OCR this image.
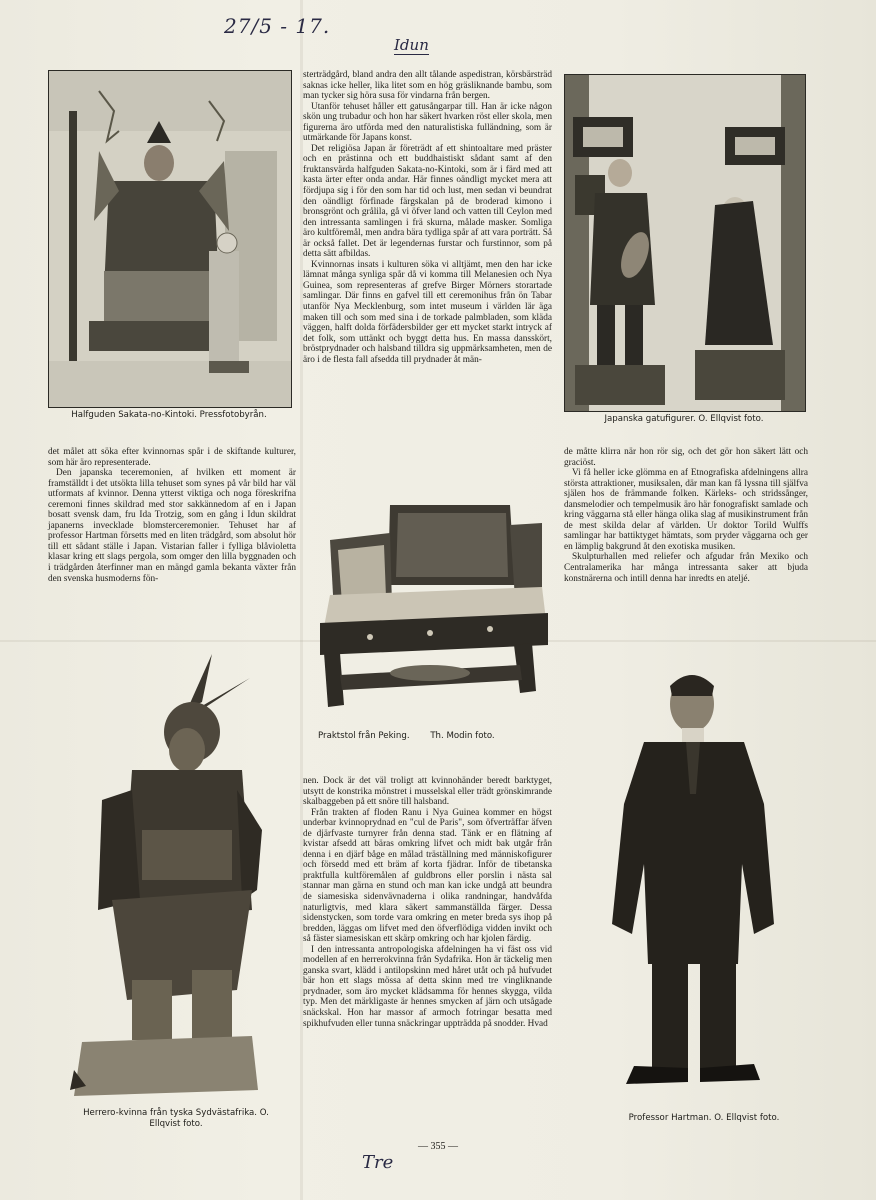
27/5 - 17.
Idun
Tre
Halfguden Sakata-no-Kintoki. Pressfotobyrån.	Japanska gatufigurer. O. Ellqvist foto.

sterträdgård, bland andra den allt tålande aspedistran, körsbärsträd saknas icke heller, lika litet som en hög gräsliknande bambu, som man tycker sig höra susa för vindarna från bergen.

Utanför tehuset håller ett gatusångarpar till. Han är icke någon skön ung trubadur och hon har säkert hvarken röst eller skola, men figurerna äro utförda med den naturalistiska fulländning, som är utmärkande för Japans konst.

Det religiösa Japan är företrädt af ett shintoaltare med präster och en prästinna och ett buddhaistiskt sådant samt af den fruktansvärda halfguden Sakata-no-Kintoki, som är i färd med att kasta ärter efter onda andar. Här finnes oändligt mycket mera att fördjupa sig i för den som har tid och lust, men sedan vi beundrat den oändligt förfinade färgskalan på de broderad kimono i bronsgrönt och grålila, gå vi öfver land och vatten till Ceylon med den intressanta samlingen i frä skurna, målade masker. Somliga äro kultföremål, men andra bära tydliga spår af att vara porträtt. Så är också fallet. Det är legendernas furstar och furstinnor, som på detta sätt afbildas.

Kvinnornas insats i kulturen söka vi alltjämt, men den har icke lämnat många synliga spår då vi komma till Melanesien och Nya Guinea, som representeras af grefve Birger Mörners storartade samlingar. Där finns en gafvel till ett ceremonihus från ön Tabar utanför Nya Mecklenburg, som intet museum i världen lär äga maken till och som med sina i de torkade palmbladen, som kläda väggen, halft dolda förfädersbilder ger ett mycket starkt intryck af det folk, som uttänkt och byggt detta hus. En massa dansskört, bröstprydnader och halsband tilldra sig uppmärksamheten, men de äro i de flesta fall afsedda till prydnader åt män-

det målet att söka efter kvinnornas spår i de skiftande kulturer, som här äro representerade.

Den japanska teceremonien, af hvilken ett moment är framställdt i det utsökta lilla tehuset som synes på vår bild har väl utformats af kvinnor. Denna ytterst viktiga och noga föreskrifna ceremoni finnes skildrad med stor sakkännedom af en i Japan bosatt svensk dam, fru Ida Trotzig, som en gång i Idun skildrat japanerns invecklade blomsterceremonier. Tehuset har af professor Hartman försetts med en liten trädgård, som absolut hör till ett sådant ställe i Japan. Vistarian faller i fylliga blåvioletta klasar kring ett slags pergola, som omger den lilla byggnaden och i trädgården återfinner man en mängd gamla bekanta växter från den svenska husmoderns fön-

de måtte klirra när hon rör sig, och det gör hon säkert lätt och graciöst.

Vi få heller icke glömma en af Etnografiska afdelningens allra största attraktioner, musiksalen, där man kan få lyssna till själfva själen hos de främmande folken. Kärleks- och stridssånger, dansmelodier och tempelmusik äro här fonografiskt samlade och kring väggarna stå eller hänga olika slag af musikinstrument från de mest skilda delar af världen. Ur doktor Torild Wulffs samlingar har battiktyget hämtats, som pryder väggarna och ger en lämplig bakgrund åt den exotiska musiken.

Skulpturhallen med reliefer och afgudar från Mexiko och Centralamerika har många intressanta saker att bjuda konstnärerna och intill denna har inredts en ateljé.

Praktstol från Peking. Th. Modin foto.
Herrero-kvinna från tyska Sydvästafrika. O.
Ellqvist foto.

nen. Dock är det väl troligt att kvinnohänder beredt barktyget, utsytt de konstrika mönstret i musselskal eller trädt grönskimrande skalbaggeben på ett snöre till halsband.

Från trakten af floden Ranu i Nya Guinea kommer en högst underbar kvinnoprydnad en "cul de Paris", som öfverträffar äfven de djärfvaste turnyrer från denna stad. Tänk er en flätning af kvistar afsedd att bäras omkring lifvet och midt bak utgår från denna i en djärf båge en målad träställning med människofigurer och försedd med ett bräm af korta fjädrar. Inför de tibetanska praktfulla kultföremålen af guldbrons eller porslin i nästa sal stannar man gärna en stund och man kan icke undgå att beundra de siamesiska sidenvävnaderna i olika randningar, handvåfda naturligtvis, med klara säkert sammanställda färger. Dessa sidenstycken, som torde vara omkring en meter breda sys ihop på bredden, läggas om lifvet med den öfverflödiga vidden invikt och så fäster siamesiskan ett skärp omkring och har kjolen färdig.

I den intressanta antropologiska afdelningen ha vi fäst oss vid modellen af en herrerokvinna från Sydafrika. Hon är täckelig men ganska svart, klädd i antilopskinn med håret utåt och på hufvudet bär hon ett slags mössa af detta skinn med tre vingliknande prydnader, som äro mycket klädsamma för hennes skygga, vilda typ. Men det märkligaste är hennes smycken af järn och utsågade snäckskal. Hon har massor af armoch fotringar besatta med spikhufvuden eller tunna snäckringar uppträdda på snodder. Hvad

Professor Hartman. O. Ellqvist foto.
— 355 —
